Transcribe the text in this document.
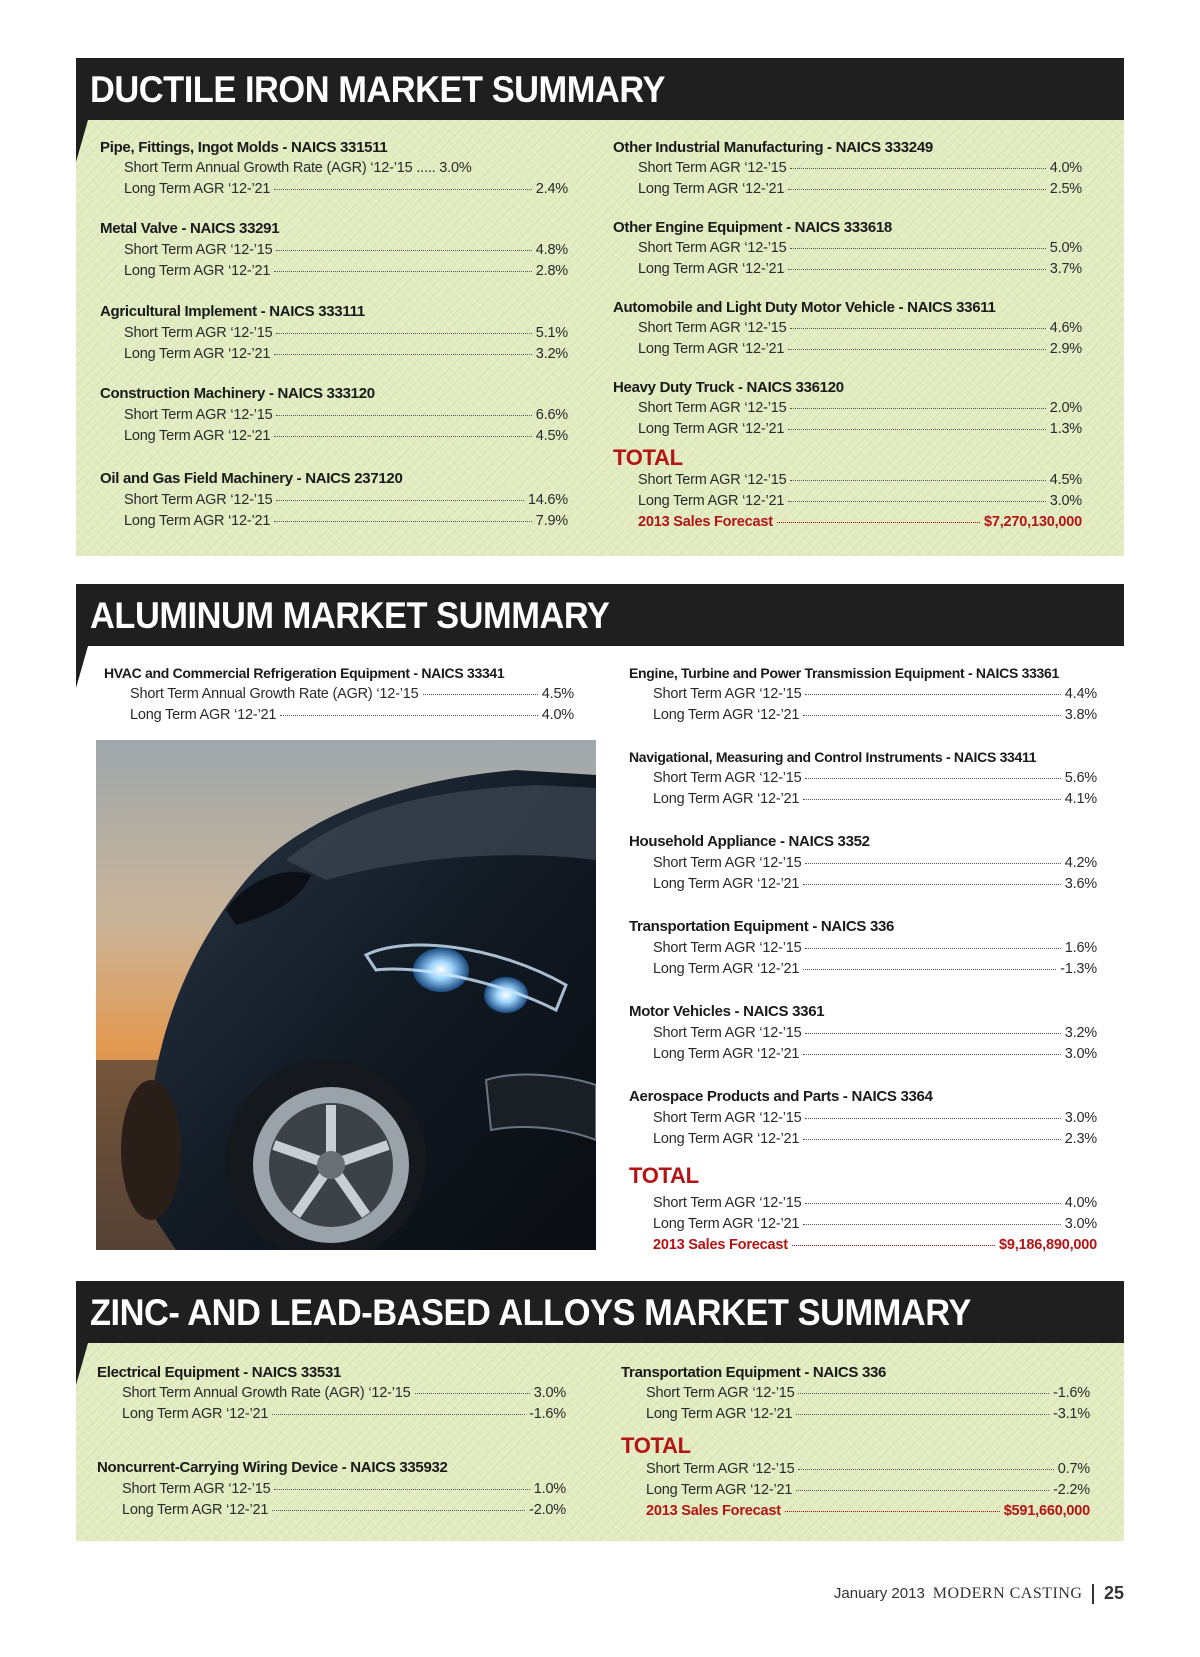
DUCTILE IRON MARKET SUMMARY
Pipe, Fittings, Ingot Molds - NAICS 331511
Short Term Annual Growth Rate (AGR) ‘12-’15 ..... 3.0%
Long Term AGR ‘12-’21	2.4%
Metal Valve - NAICS 33291
Short Term AGR ‘12-’15	4.8%
Long Term AGR ‘12-’21	2.8%
Agricultural Implement - NAICS 333111
Short Term AGR ‘12-’15	5.1%
Long Term AGR ‘12-’21	3.2%
Construction Machinery - NAICS 333120
Short Term AGR ‘12-’15	6.6%
Long Term AGR ‘12-’21	4.5%
Oil and Gas Field Machinery - NAICS 237120
Short Term AGR ‘12-’15	14.6%
Long Term AGR ‘12-’21	7.9%
Other Industrial Manufacturing - NAICS 333249
Short Term AGR ‘12-’15	4.0%
Long Term AGR ‘12-’21	2.5%
Other Engine Equipment - NAICS 333618
Short Term AGR ‘12-’15	5.0%
Long Term AGR ‘12-’21	3.7%
Automobile and Light Duty Motor Vehicle - NAICS 33611
Short Term AGR ‘12-’15	4.6%
Long Term AGR ‘12-’21	2.9%
Heavy Duty Truck - NAICS 336120
Short Term AGR ‘12-’15	2.0%
Long Term AGR ‘12-’21	1.3%
TOTAL
Short Term AGR ‘12-’15	4.5%
Long Term AGR ‘12-’21	3.0%
2013 Sales Forecast	$7,270,130,000
ALUMINUM MARKET SUMMARY
HVAC and Commercial Refrigeration Equipment - NAICS 33341
Short Term Annual Growth Rate (AGR) ‘12-’15	4.5%
Long Term AGR ‘12-’21	4.0%
Engine, Turbine and Power Transmission Equipment - NAICS 33361
Short Term AGR ‘12-’15	4.4%
Long Term AGR ‘12-’21	3.8%
Navigational, Measuring and Control Instruments - NAICS 33411
Short Term AGR ‘12-’15	5.6%
Long Term AGR ‘12-’21	4.1%
Household Appliance - NAICS 3352
Short Term AGR ‘12-’15	4.2%
Long Term AGR ‘12-’21	3.6%
Transportation Equipment - NAICS 336
Short Term AGR ‘12-’15	1.6%
Long Term AGR ‘12-’21	-1.3%
Motor Vehicles - NAICS 3361
Short Term AGR ‘12-’15	3.2%
Long Term AGR ‘12-’21	3.0%
Aerospace Products and Parts - NAICS 3364
Short Term AGR ‘12-’15	3.0%
Long Term AGR ‘12-’21	2.3%
TOTAL
Short Term AGR ‘12-’15	4.0%
Long Term AGR ‘12-’21	3.0%
2013 Sales Forecast	$9,186,890,000
ZINC- AND LEAD-BASED ALLOYS MARKET SUMMARY
Electrical Equipment - NAICS 33531
Short Term Annual Growth Rate (AGR) ‘12-’15	3.0%
Long Term AGR ‘12-’21	-1.6%
Noncurrent-Carrying Wiring Device - NAICS 335932
Short Term AGR ‘12-’15	1.0%
Long Term AGR ‘12-’21	-2.0%
Transportation Equipment - NAICS 336
Short Term AGR ‘12-’15	-1.6%
Long Term AGR ‘12-’21	-3.1%
TOTAL
Short Term AGR ‘12-’15	0.7%
Long Term AGR ‘12-’21	-2.2%
2013 Sales Forecast	$591,660,000
January 2013 MODERN CASTING 25
